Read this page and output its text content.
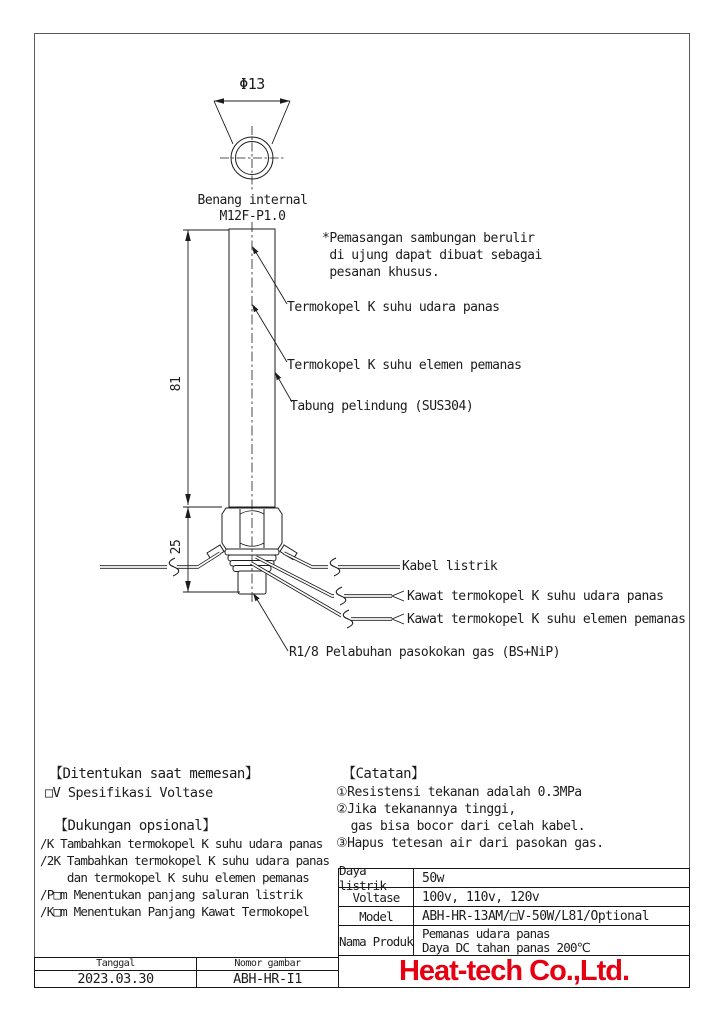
Φ13
Benang internal
M12F-P1.0
*Pemasangan sambungan berulir
di ujung dapat dibuat sebagai
pesanan khusus.
Termokopel K suhu udara panas
Termokopel K suhu elemen pemanas
Tabung pelindung (SUS304)
Kabel listrik
Kawat termokopel K suhu udara panas
Kawat termokopel K suhu elemen pemanas
R1/8 Pelabuhan pasokokan gas (BS+NiP)
81
25
【Ditentukan saat memesan】
□V Spesifikasi Voltase
【Dukungan opsional】
/K Tambahkan termokopel K suhu udara panas
/2K Tambahkan termokopel K suhu udara panas
dan termokopel K suhu elemen pemanas
/P□m Menentukan panjang saluran listrik
/K□m Menentukan Panjang Kawat Termokopel
【Catatan】
①Resistensi tekanan adalah 0.3MPa
②Jika tekanannya tinggi,
gas bisa bocor dari celah kabel.
③Hapus tetesan air dari pasokan gas.
Daya listrik	50w
Voltase	100v, 110v, 120v
Model	ABH-HR-13AM/□V-50W/L81/Optional
Nama Produk Pemanas udara panas
Daya DC tahan panas 200℃
Tanggal	Nomor gambar
2023.03.30	ABH-HR-I1	Heat-tech Co.,Ltd.
